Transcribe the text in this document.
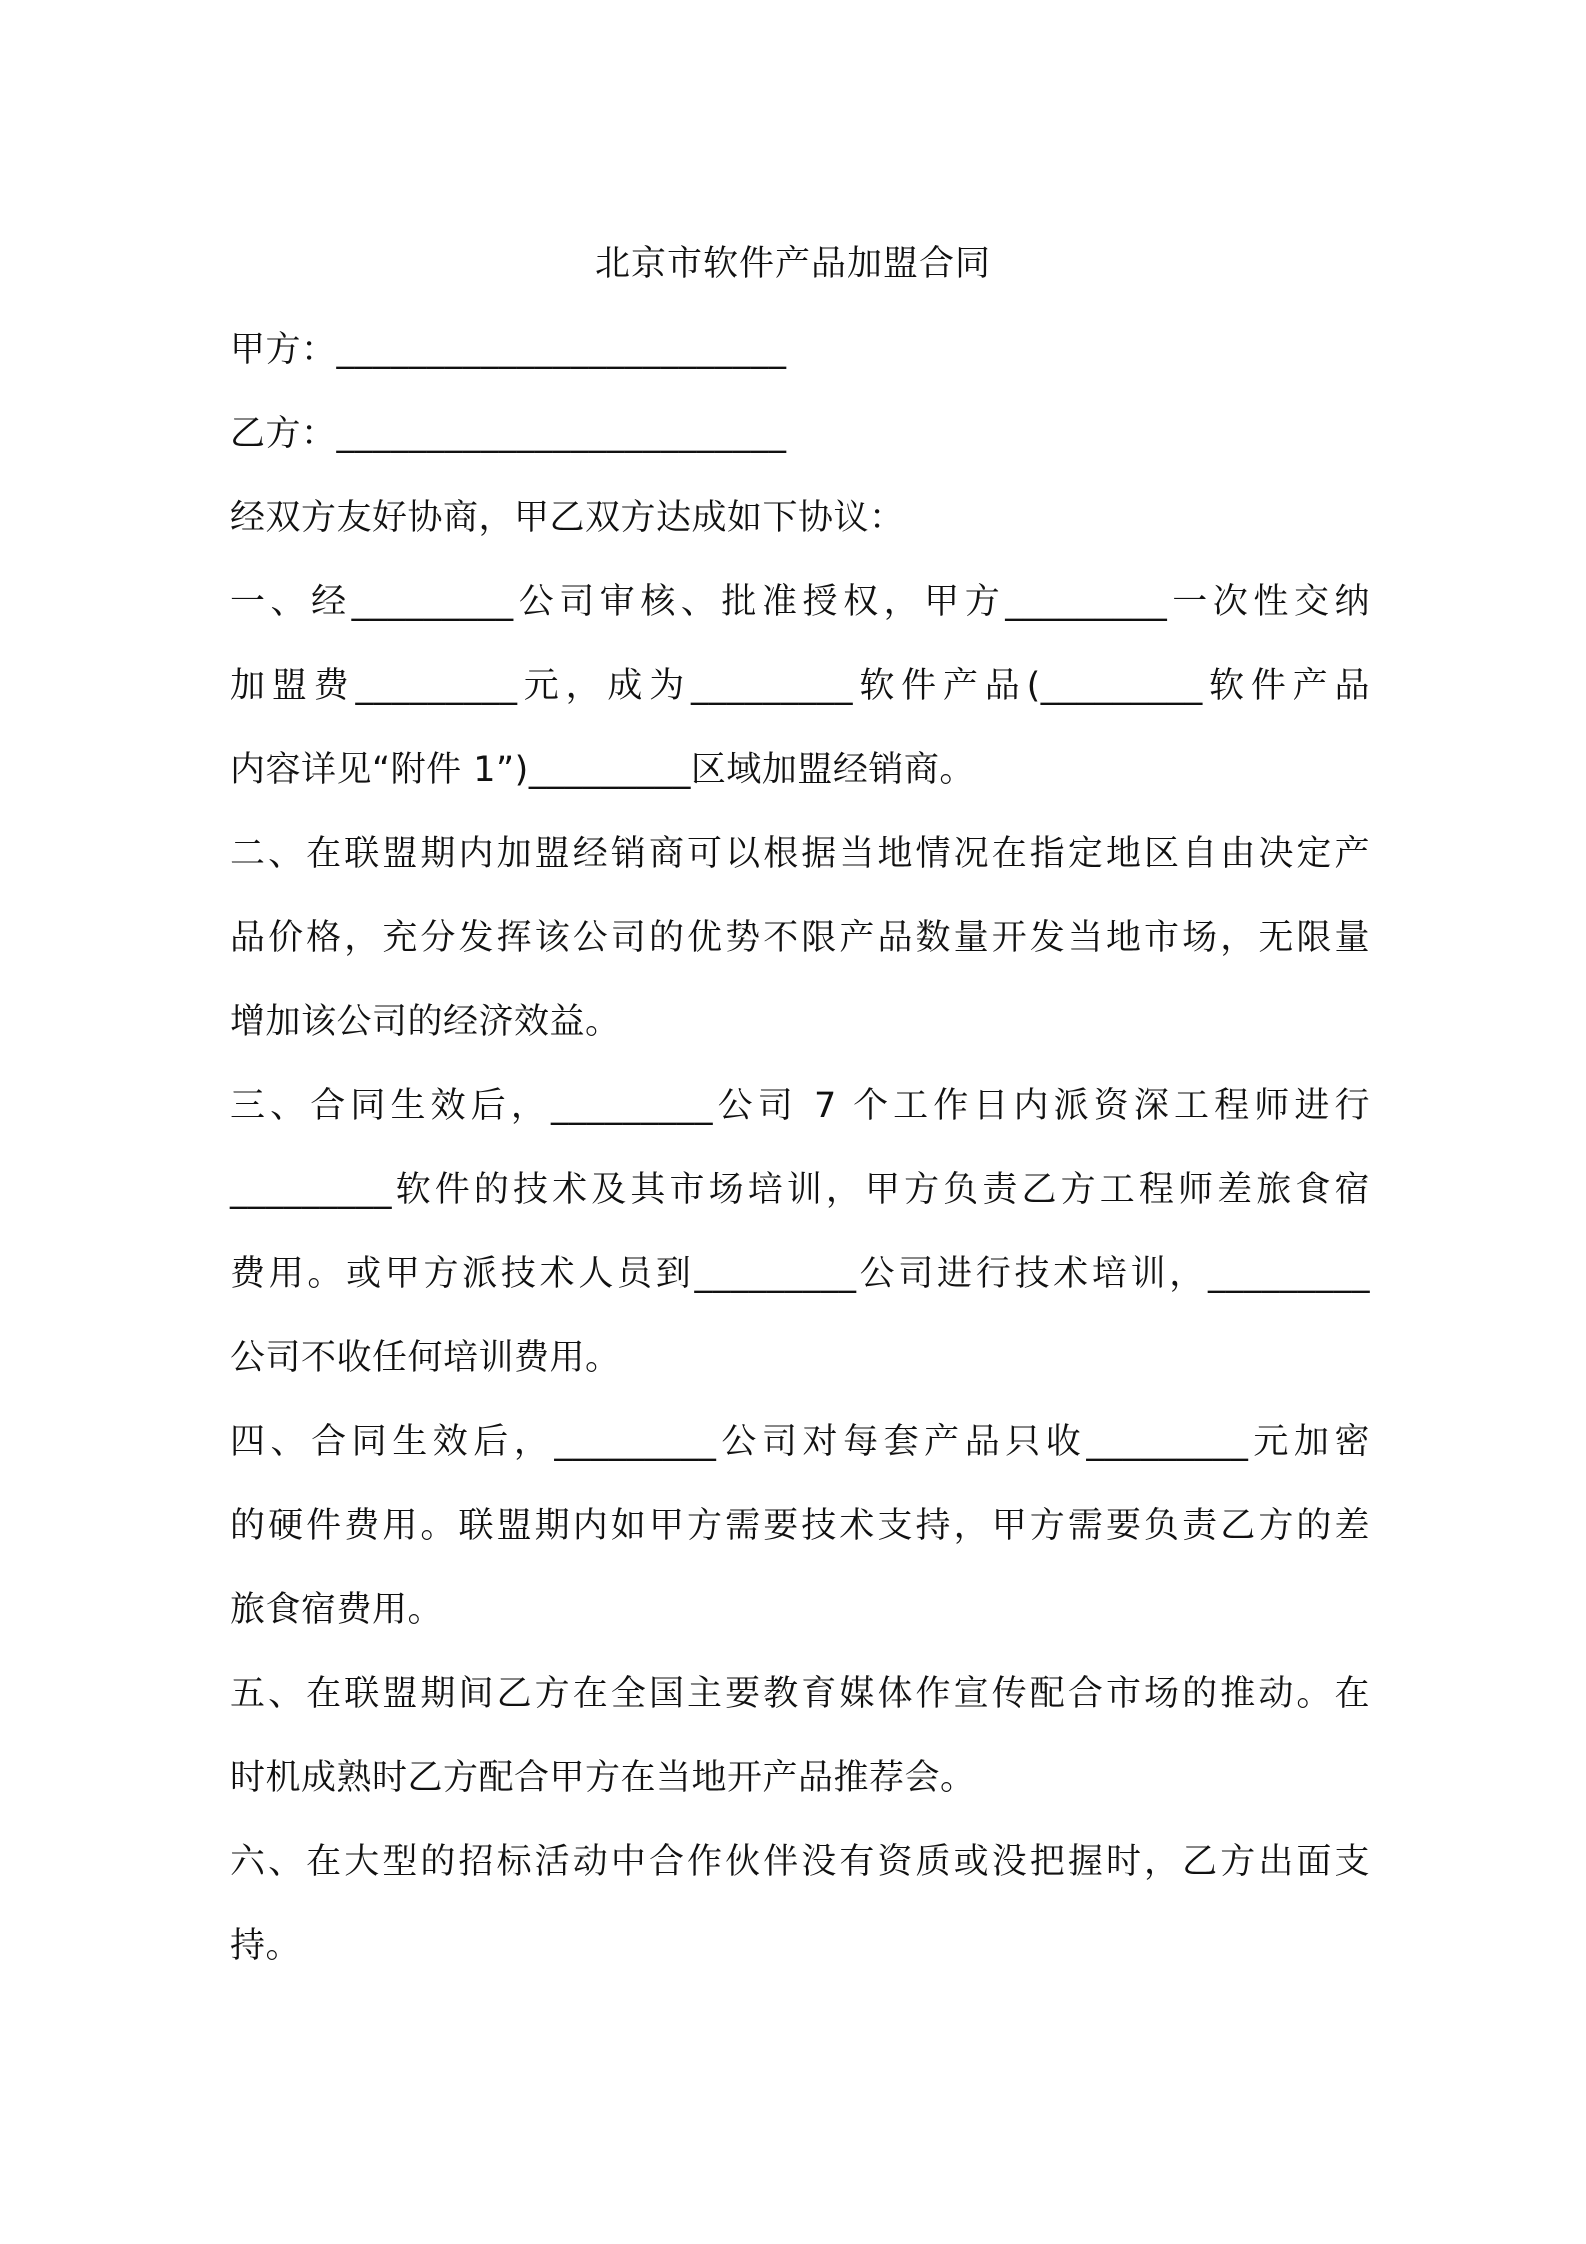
北京市软件产品加盟合同
甲方：_________________________
乙方：_________________________
经双方友好协商，甲乙双方达成如下协议：
一、经_________公司审核、批准授权，甲方_________一次性交纳
加盟费_________元，成为_________软件产品(_________软件产品
内容详见“附件 1”)_________区域加盟经销商。
二、在联盟期内加盟经销商可以根据当地情况在指定地区自由决定产
品价格，充分发挥该公司的优势不限产品数量开发当地市场，无限量
增加该公司的经济效益。
三、合同生效后，_________公司 7 个工作日内派资深工程师进行
_________软件的技术及其市场培训，甲方负责乙方工程师差旅食宿
费用。或甲方派技术人员到_________公司进行技术培训，_________
公司不收任何培训费用。
四、合同生效后，_________公司对每套产品只收_________元加密
的硬件费用。联盟期内如甲方需要技术支持，甲方需要负责乙方的差
旅食宿费用。
五、在联盟期间乙方在全国主要教育媒体作宣传配合市场的推动。在
时机成熟时乙方配合甲方在当地开产品推荐会。
六、在大型的招标活动中合作伙伴没有资质或没把握时，乙方出面支
持。
